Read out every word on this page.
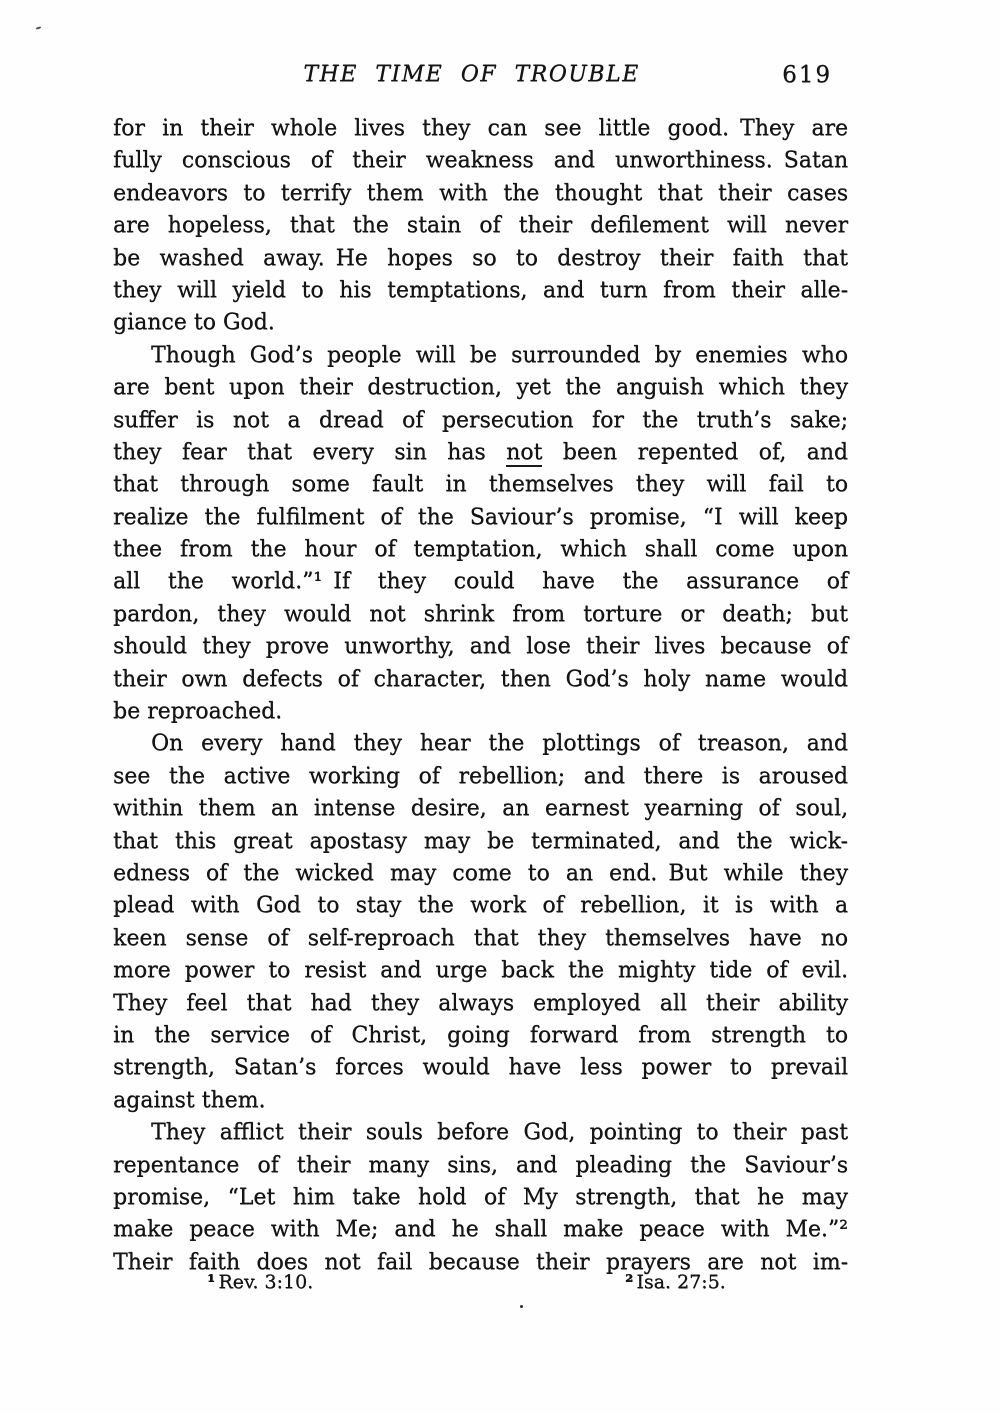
THE TIME OF TROUBLE	619
for in their whole lives they can see little good. They are
fully conscious of their weakness and unworthiness. Satan
endeavors to terrify them with the thought that their cases
are hopeless, that the stain of their defilement will never
be washed away. He hopes so to destroy their faith that
they will yield to his temptations, and turn from their alle-
giance to God.
Though God’s people will be surrounded by enemies who
are bent upon their destruction, yet the anguish which they
suffer is not a dread of persecution for the truth’s sake;
they fear that every sin has not been repented of, and
that through some fault in themselves they will fail to
realize the fulfilment of the Saviour’s promise, “I will keep
thee from the hour of temptation, which shall come upon
all the world.”¹ If they could have the assurance of
pardon, they would not shrink from torture or death; but
should they prove unworthy, and lose their lives because of
their own defects of character, then God’s holy name would
be reproached.
On every hand they hear the plottings of treason, and
see the active working of rebellion; and there is aroused
within them an intense desire, an earnest yearning of soul,
that this great apostasy may be terminated, and the wick-
edness of the wicked may come to an end. But while they
plead with God to stay the work of rebellion, it is with a
keen sense of self-reproach that they themselves have no
more power to resist and urge back the mighty tide of evil.
They feel that had they always employed all their ability
in the service of Christ, going forward from strength to
strength, Satan’s forces would have less power to prevail
against them.
They afflict their souls before God, pointing to their past
repentance of their many sins, and pleading the Saviour’s
promise, “Let him take hold of My strength, that he may
make peace with Me; and he shall make peace with Me.”²
Their faith does not fail because their prayers are not im-
¹ Rev. 3:10.	² Isa. 27:5.
